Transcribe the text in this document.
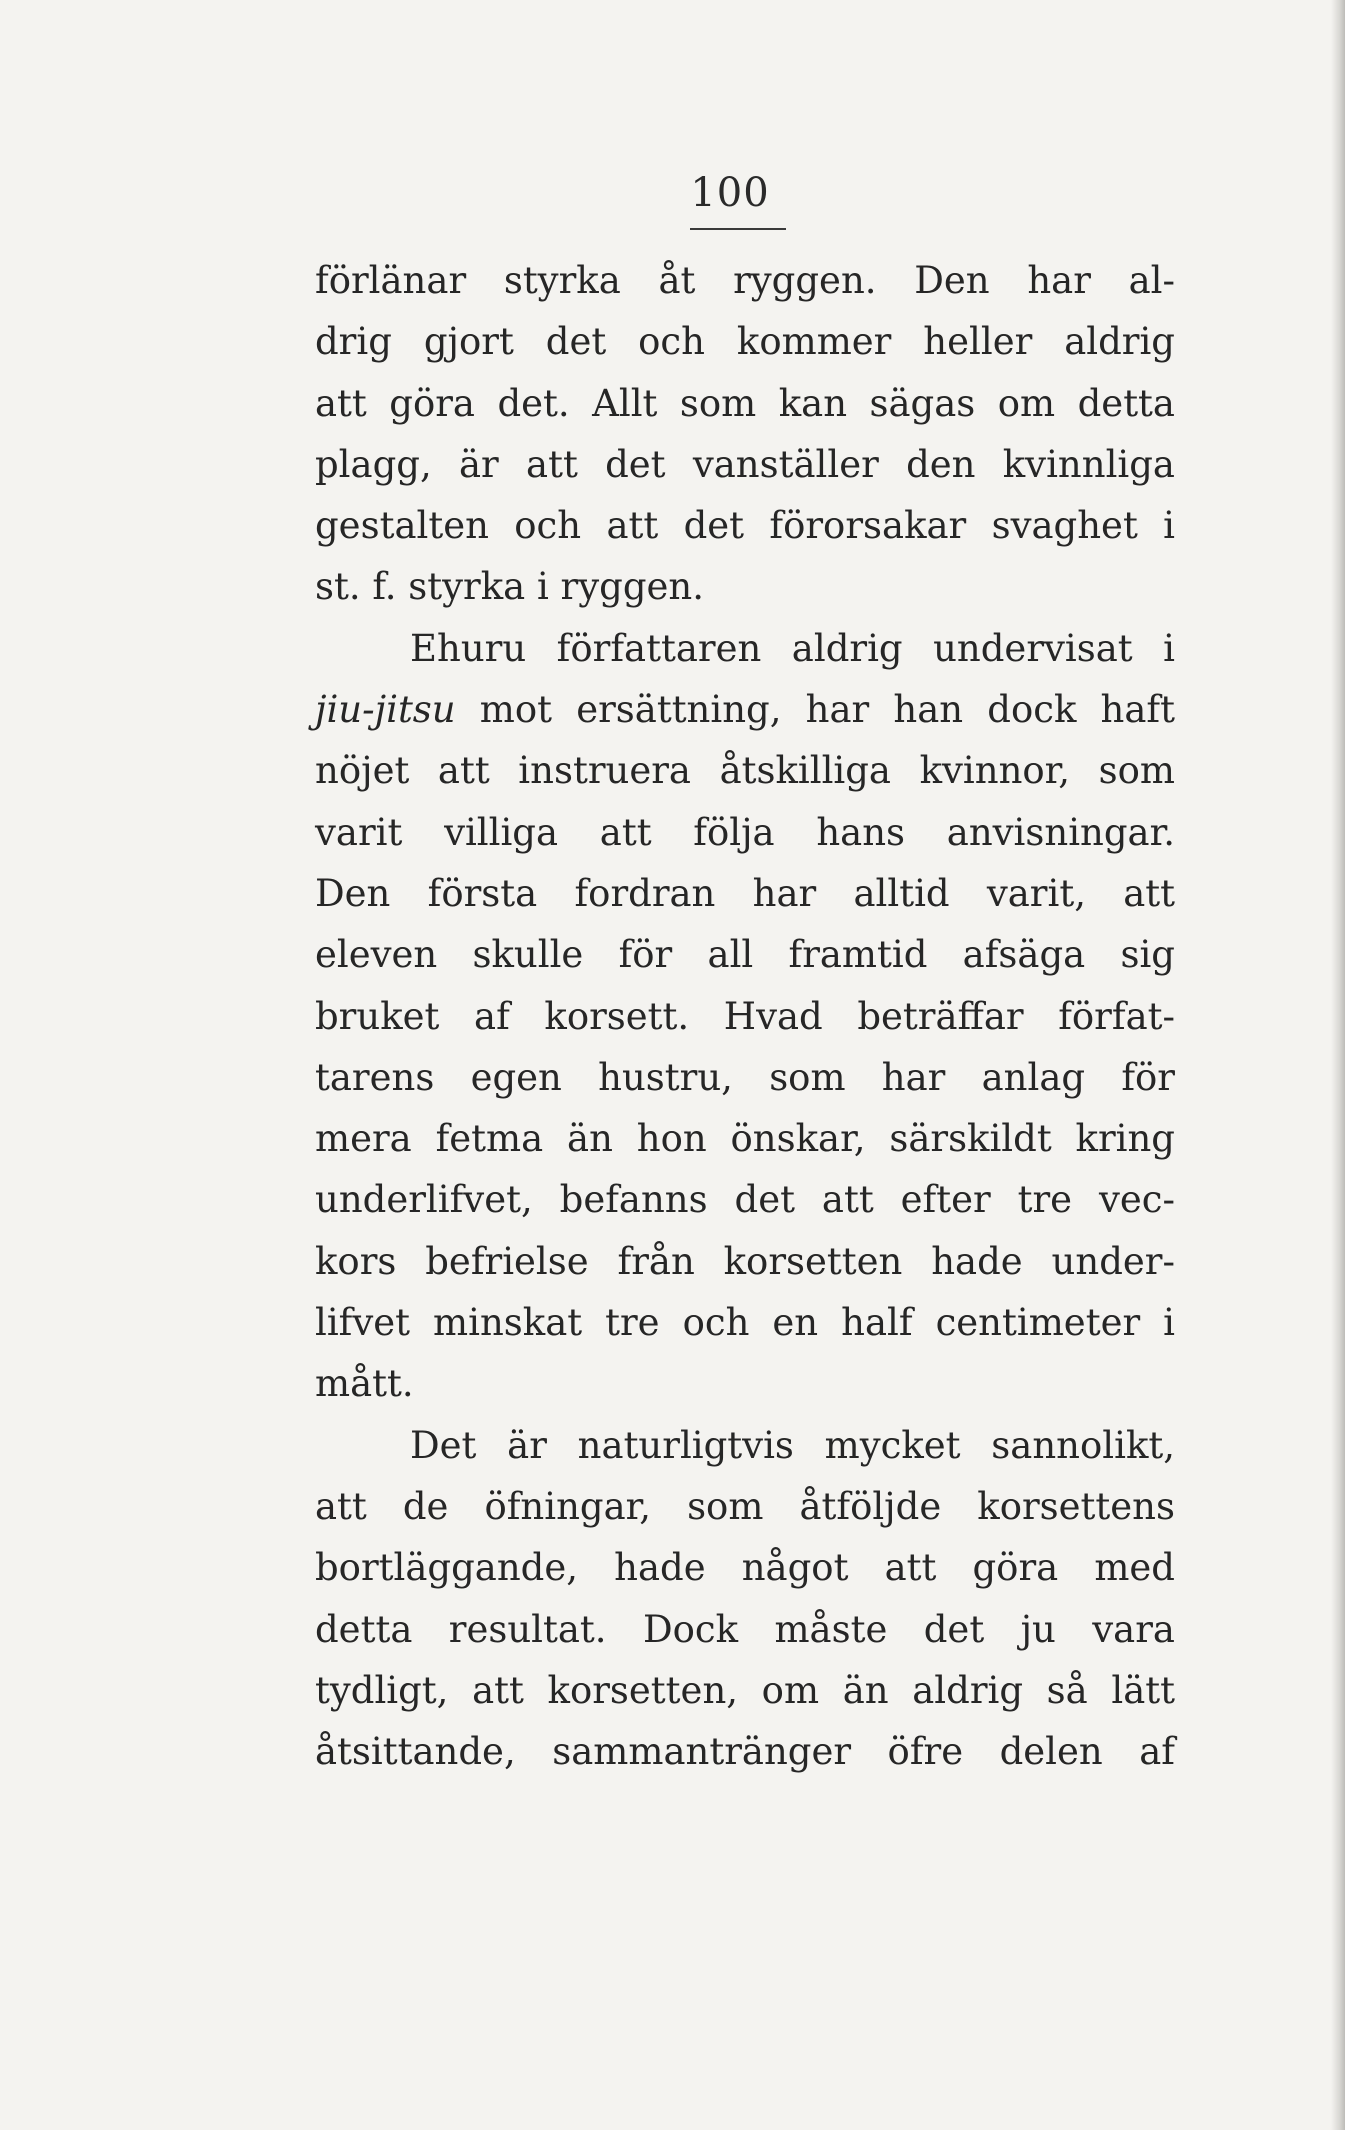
100
förlänar styrka åt ryggen. Den har al-
drig gjort det och kommer heller aldrig
att göra det. Allt som kan sägas om detta
plagg, är att det vanställer den kvinnliga
gestalten och att det förorsakar svaghet i
st. f. styrka i ryggen.
Ehuru författaren aldrig undervisat i
jiu-jitsu mot ersättning, har han dock haft
nöjet att instruera åtskilliga kvinnor, som
varit villiga att följa hans anvisningar.
Den första fordran har alltid varit, att
eleven skulle för all framtid afsäga sig
bruket af korsett. Hvad beträffar förfat-
tarens egen hustru, som har anlag för
mera fetma än hon önskar, särskildt kring
underlifvet, befanns det att efter tre vec-
kors befrielse från korsetten hade under-
lifvet minskat tre och en half centimeter i
mått.
Det är naturligtvis mycket sannolikt,
att de öfningar, som åtföljde korsettens
bortläggande, hade något att göra med
detta resultat. Dock måste det ju vara
tydligt, att korsetten, om än aldrig så lätt
åtsittande, sammantränger öfre delen af
